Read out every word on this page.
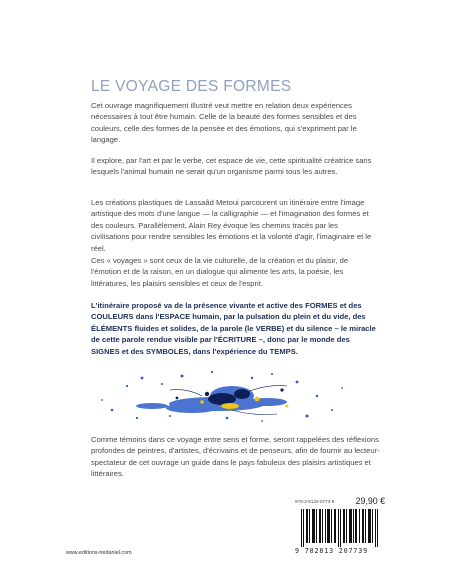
LE VOYAGE DES FORMES

Cet ouvrage magnifiquement illustré veut mettre en relation deux expériences nécessaires à tout être humain. Celle de la beauté des formes sensibles et des couleurs, celle des formes de la pensée et des émotions, qui s'expriment par le langage.

Il explore, par l'art et par le verbe, cet espace de vie, cette spiritualité créatrice sans lesquels l'animal humain ne serait qu'un organisme parmi tous les autres.

Les créations plastiques de Lassaâd Metoui parcourent un itinéraire entre l'image artistique des mots d'une langue — la calligraphie — et l'imagination des formes et des couleurs. Parallèlement, Alain Rey évoque les chemins tracés par les civilisations pour rendre sensibles les émotions et la volonté d'agir, l'imaginaire et le réel.

Ces « voyages » sont ceux de la vie culturelle, de la création et du plaisir, de l'émotion et de la raison, en un dialogue qui alimente les arts, la poésie, les littératures, les plaisirs sensibles et ceux de l'esprit.

L'itinéraire proposé va de la présence vivante et active des FORMES et des COULEURS dans l'ESPACE humain, par la pulsation du plein et du vide, des ÉLÉMENTS fluides et solides, de la parole (le VERBE) et du silence – le miracle de cette parole rendue visible par l'ÉCRITURE –, donc par le monde des SIGNES et des SYMBOLES, dans l'expérience du TEMPS.

Comme témoins dans ce voyage entre sens et forme, seront rappelées des réflexions profondes de peintres, d'artistes, d'écrivains et de penseurs, afin de fournir au lecteur-spectateur de cet ouvrage un guide dans le pays fabuleux des plaisirs artistiques et littéraires.

978-2-8132-0773-9 29,90 €
9 782813 207739
www.editions-tredaniel.com
